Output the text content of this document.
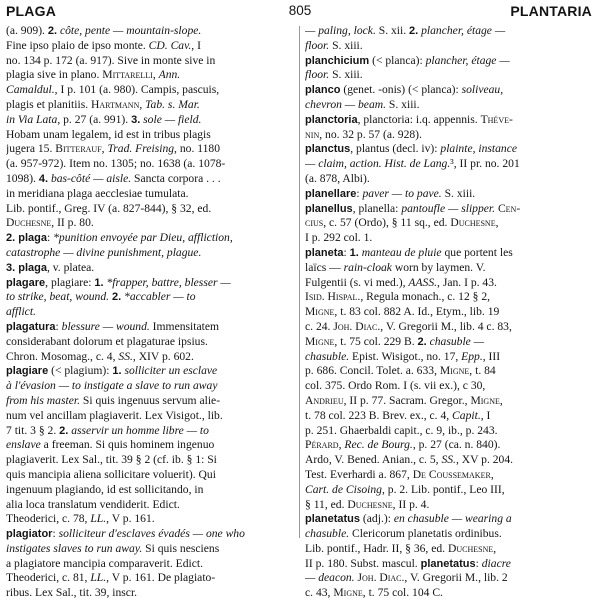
PLAGA	805	PLANTARIA
(a. 909). 2. côte, pente — mountain-slope.
Fine ipso plaio de ipso monte. CD. Cav., I
no. 134 p. 172 (a. 917). Sive in monte sive in
plagia sive in plano. Mittarelli, Ann.
Camaldul., I p. 101 (a. 980). Campis, pascuis,
plagis et planitiis. Hartmann, Tab. s. Mar.
in Via Lata, p. 27 (a. 991). 3. sole — field.
Hobam unam legalem, id est in tribus plagis
jugera 15. Bitterauf, Trad. Freising, no. 1180
(a. 957-972). Item no. 1305; no. 1638 (a. 1078-
1098). 4. bas-côté — aisle. Sancta corpora . . .
in meridiana plaga aecclesiae tumulata.
Lib. pontif., Greg. IV (a. 827-844), § 32, ed.
Duchesne, II p. 80.
2. plaga: *punition envoyée par Dieu, affliction,
catastrophe — divine punishment, plague.
3. plaga, v. platea.
plagare, plagiare: 1. *frapper, battre, blesser —
to strike, beat, wound. 2. *accabler — to
afflict.
plagatura: blessure — wound. Immensitatem
considerabant dolorum et plagaturae ipsius.
Chron. Mosomag., c. 4, SS., XIV p. 602.
plagiare (< plagium): 1. solliciter un esclave
à l'évasion — to instigate a slave to run away
from his master. Si quis ingenuus servum alie-
num vel ancillam plagiaverit. Lex Visigot., lib.
7 tit. 3 § 2. 2. asservir un homme libre — to
enslave a freeman. Si quis hominem ingenuo
plagiaverit. Lex Sal., tit. 39 § 2 (cf. ib. § 1: Si
quis mancipia aliena sollicitare voluerit). Qui
ingenuum plagiando, id est sollicitando, in
alia loca translatum vendiderit. Edict.
Theoderici, c. 78, LL., V p. 161.
plagiator: solliciteur d'esclaves évadés — one who
instigates slaves to run away. Si quis nesciens
a plagiatore mancipia comparaverit. Edict.
Theoderici, c. 81, LL., V p. 161. De plagiato-
ribus. Lex Sal., tit. 39, inscr.
— paling, lock. S. xii. 2. plancher, étage —
floor. S. xiii.
planchicium (< planca): plancher, étage —
floor. S. xiii.
planco (genet. -onis) (< planca): soliveau,
chevron — beam. S. xiii.
planctoria, planctoria: i.q. appennis. Théve-
nin, no. 32 p. 57 (a. 928).
planctus, plantus (decl. iv): plainte, instance
— claim, action. Hist. de Lang.³, II pr. no. 201
(a. 878, Albi).
planellare: paver — to pave. S. xiii.
planellus, planella: pantoufle — slipper. Cen-
cius, c. 57 (Ordo), § 11 sq., ed. Duchesne,
I p. 292 col. 1.
planeta: 1. manteau de pluie que portent les
laïcs — rain-cloak worn by laymen. V.
Fulgentii (s. vi med.), AASS., Jan. I p. 43.
Isid. Hispal., Regula monach., c. 12 § 2,
Migne, t. 83 col. 882 A. Id., Etym., lib. 19
c. 24. Joh. Diac., V. Gregorii M., lib. 4 c. 83,
Migne, t. 75 col. 229 B. 2. chasuble —
chasuble. Epist. Wisigot., no. 17, Epp., III
p. 686. Concil. Tolet. a. 633, Migne, t. 84
col. 375. Ordo Rom. I (s. vii ex.), c 30,
Andrieu, II p. 77. Sacram. Gregor., Migne,
t. 78 col. 223 B. Brev. ex., c. 4, Capit., I
p. 251. Ghaerbaldi capit., c. 9, ib., p. 243.
Pérard, Rec. de Bourg., p. 27 (ca. n. 840).
Ardo, V. Bened. Anian., c. 5, SS., XV p. 204.
Test. Everhardi a. 867, De Coussemaker,
Cart. de Cisoing, p. 2. Lib. pontif., Leo III,
§ 11, ed. Duchesne, II p. 4.
planetatus (adj.): en chasuble — wearing a
chasuble. Clericorum planetatis ordinibus.
Lib. pontif., Hadr. II, § 36, ed. Duchesne,
II p. 180. Subst. mascul. planetatus: diacre
— deacon. Joh. Diac., V. Gregorii M., lib. 2
c. 43, Migne, t. 75 col. 104 C.
